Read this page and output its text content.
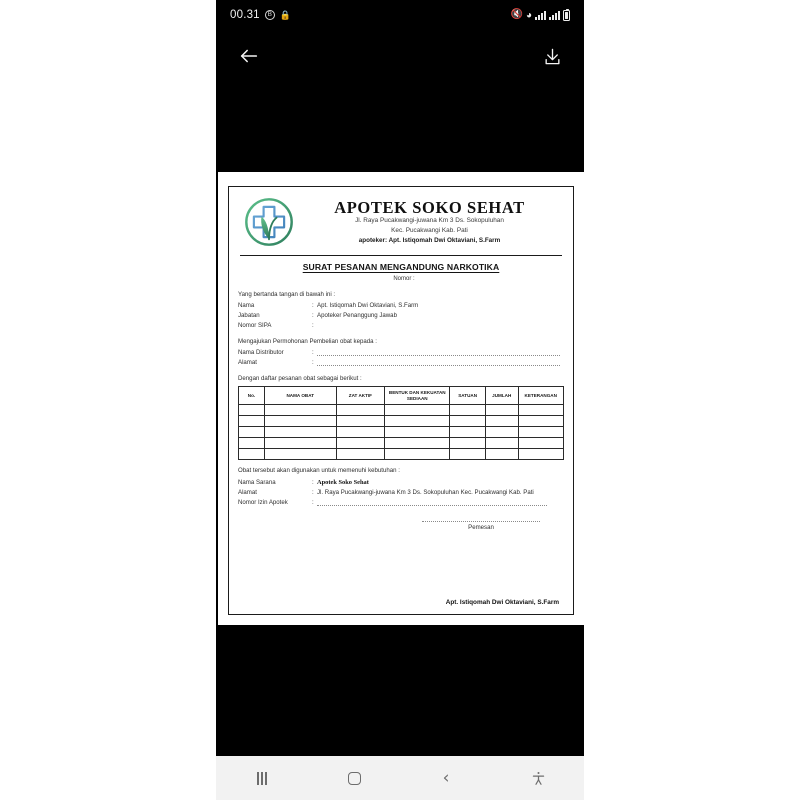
00.31	B 🔒	🔇 ◕
APOTEK SOKO SEHAT
Jl. Raya Pucakwangi-juwana Km 3 Ds. Sokopuluhan
Kec. Pucakwangi Kab. Pati
apoteker: Apt. Istiqomah Dwi Oktaviani, S.Farm
SURAT PESANAN MENGANDUNG NARKOTIKA
Nomor :
Yang bertanda tangan di bawah ini :
Nama	: Apt. Istiqomah Dwi Oktaviani, S.Farm
Jabatan	: Apoteker Penanggung Jawab
Nomor SIPA	:
Mengajukan Permohonan Pembelian obat kepada :
Nama Distributor	:
Alamat	:
Dengan daftar pesanan obat sebagai berikut :
No.	NAMA OBAT	ZAT AKTIF	BENTUK DAN KEKUATAN SEDIAAN	SATUAN	JUMLAH	KETERANGAN

Obat tersebut akan digunakan untuk memenuhi kebutuhan :
Nama Sarana	: Apotek Soko Sehat
Alamat	: Jl. Raya Pucakwangi-juwana Km 3 Ds. Sokopuluhan Kec. Pucakwangi Kab. Pati
Nomor Izin Apotek	:
Pemesan
Apt. Istiqomah Dwi Oktaviani, S.Farm
‹
